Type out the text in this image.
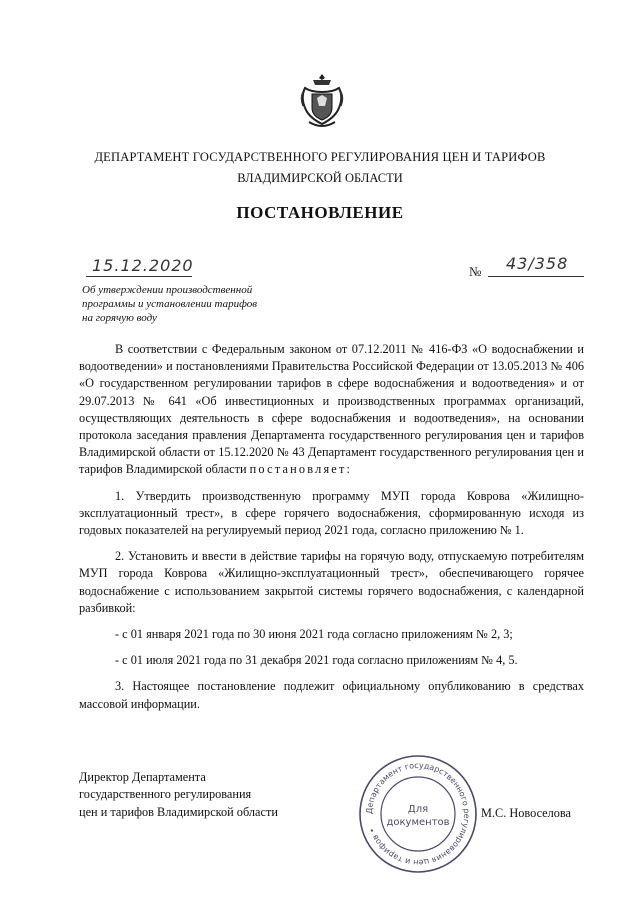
ДЕПАРТАМЕНТ ГОСУДАРСТВЕННОГО РЕГУЛИРОВАНИЯ ЦЕН И ТАРИФОВ
ВЛАДИМИРСКОЙ ОБЛАСТИ
ПОСТАНОВЛЕНИЕ
15.12.2020	№ 43/358
Об утверждении производственной
программы и установлении тарифов
на горячую воду

В соответствии с Федеральным законом от 07.12.2011 № 416-ФЗ «О водоснабжении и водоотведении» и постановлениями Правительства Российской Федерации от 13.05.2013 № 406 «О государственном регулировании тарифов в сфере водоснабжения и водоотведения» и от 29.07.2013 № 641 «Об инвестиционных и производственных программах организаций, осуществляющих деятельность в сфере водоснабжения и водоотведения», на основании протокола заседания правления Департамента государственного регулирования цен и тарифов Владимирской области от 15.12.2020 № 43 Департамент государственного регулирования цен и тарифов Владимирской области постановляет:

1. Утвердить производственную программу МУП города Коврова «Жилищно-эксплуатационный трест», в сфере горячего водоснабжения, сформированную исходя из годовых показателей на регулируемый период 2021 года, согласно приложению № 1.

2. Установить и ввести в действие тарифы на горячую воду, отпускаемую потребителям МУП города Коврова «Жилищно-эксплуатационный трест», обеспечивающего горячее водоснабжение с использованием закрытой системы горячего водоснабжения, с календарной разбивкой:

- с 01 января 2021 года по 30 июня 2021 года согласно приложениям № 2, 3;

- с 01 июля 2021 года по 31 декабря 2021 года согласно приложениям № 4, 5.

3. Настоящее постановление подлежит официальному опубликованию в средствах массовой информации.

Директор Департамента
государственного регулирования
цен и тарифов Владимирской области	М.С. Новоселова
Департамент государственного регулирования цен и тарифов •
Для
документов
